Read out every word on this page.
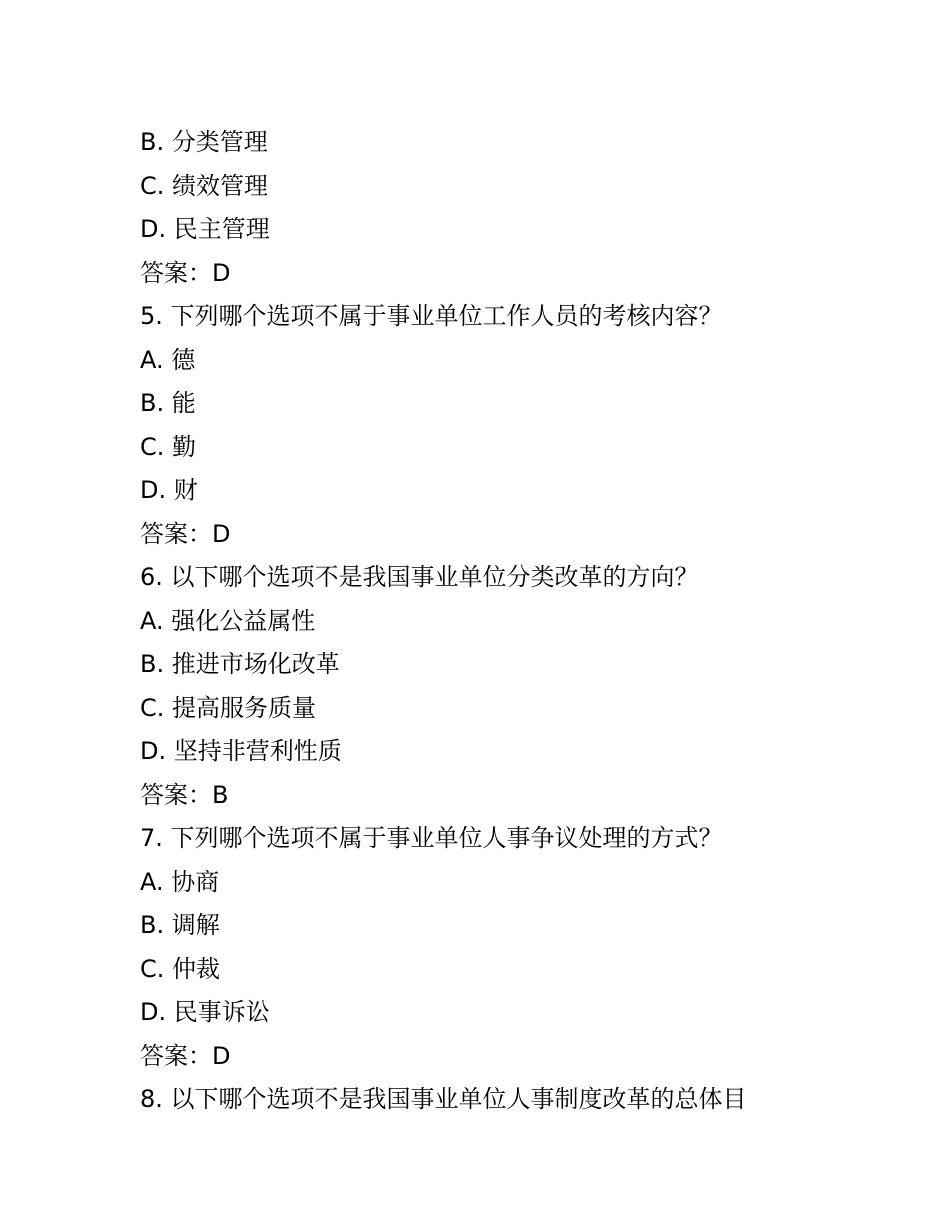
B. 分类管理

C. 绩效管理

D. 民主管理

答案：D

5. 下列哪个选项不属于事业单位工作人员的考核内容？

A. 德

B. 能

C. 勤

D. 财

答案：D

6. 以下哪个选项不是我国事业单位分类改革的方向？

A. 强化公益属性

B. 推进市场化改革

C. 提高服务质量

D. 坚持非营利性质

答案：B

7. 下列哪个选项不属于事业单位人事争议处理的方式？

A. 协商

B. 调解

C. 仲裁

D. 民事诉讼

答案：D

8. 以下哪个选项不是我国事业单位人事制度改革的总体目
